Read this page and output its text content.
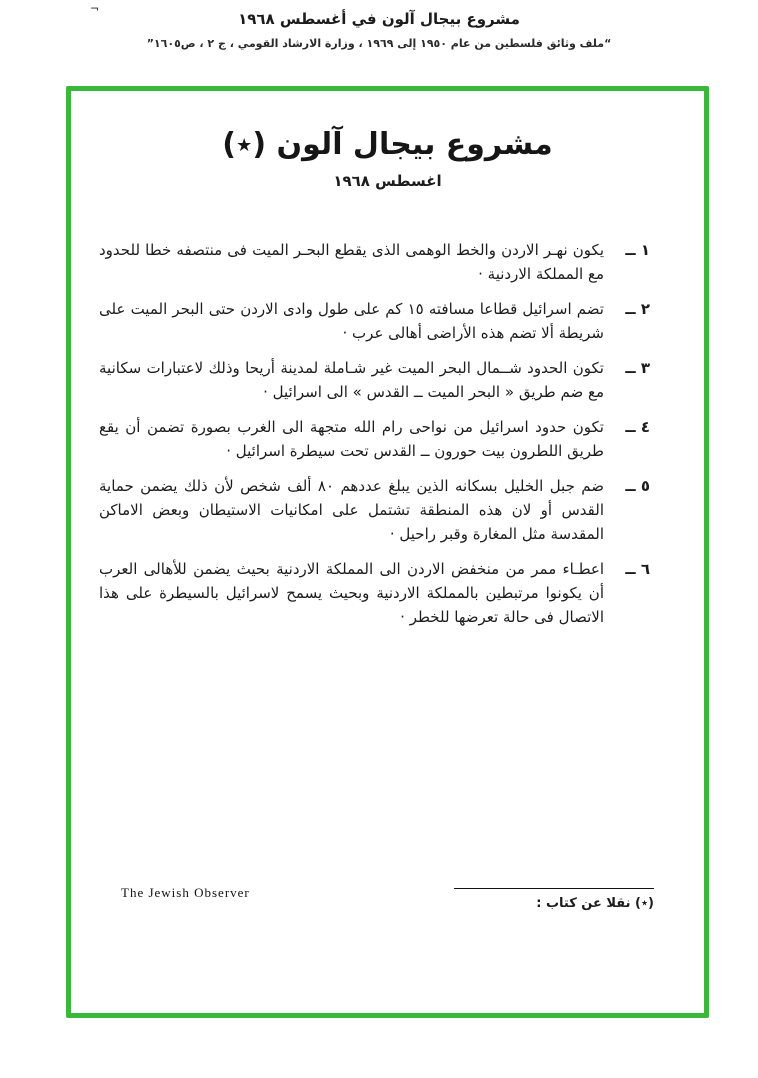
¬
مشروع بيجال آلون في أغسطس ١٩٦٨
“ملف وثائق فلسطين من عام ١٩٥٠ إلى ١٩٦٩ ، وزارة الارشاد القومي ، ج ٢ ، ص١٦٠٥”
مشروع بيجال آلون (٭)
اغسطس ١٩٦٨
١ ــ

يكون نهـر الاردن والخط الوهمى الذى يقطع البحـر الميت فى منتصفه خطا للحدود مع المملكة الاردنية ·

٢ ــ

تضم اسرائيل قطاعا مسافته ١٥ كم على طول وادى الاردن حتى البحر الميت على شريطة ألا تضم هذه الأراضى أهالى عرب ·

٣ ــ

تكون الحدود شــمال البحر الميت غير شـاملة لمدينة أريحا وذلك لاعتبارات سكانية مع ضم طريق « البحر الميت ــ القدس » الى اسرائيل ·

٤ ــ

تكون حدود اسرائيل من نواحى رام الله متجهة الى الغرب بصورة تضمن أن يقع طريق اللطرون بيت حورون ــ القدس تحت سيطرة اسرائيل ·

٥ ــ

ضم جبل الخليل بسكانه الذين يبلغ عددهم ٨٠ ألف شخص لأن ذلك يضمن حماية القدس أو لان هذه المنطقة تشتمل على امكانيات الاستيطان وبعض الاماكن المقدسة مثل المغارة وقبر راحيل ·

٦ ــ

اعطـاء ممر من منخفض الاردن الى المملكة الاردنية بحيث يضمن للأهالى العرب أن يكونوا مرتبطين بالمملكة الاردنية وبحيث يسمح لاسرائيل بالسيطرة على هذا الاتصال فى حالة تعرضها للخطر ·

The Jewish Observer
(٭) نقلا عن كتاب :
